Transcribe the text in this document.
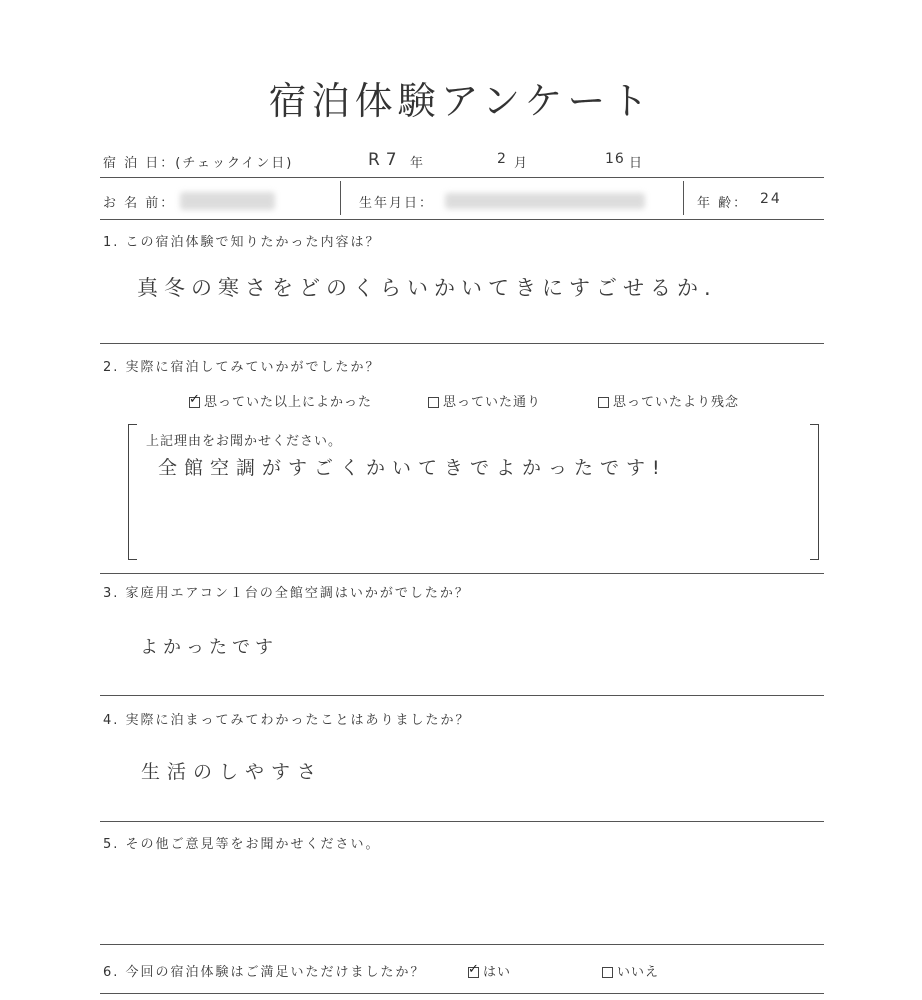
宿泊体験アンケート
宿 泊 日：(チェックイン日)	R7 年	2 月	16 日
お 名 前：	生年月日：	年 齢： 24
1. この宿泊体験で知りたかった内容は？
真冬の寒さをどのくらいかいてきにすごせるか.
2. 実際に宿泊してみていかがでしたか？
✓思っていた以上によかった	思っていた通り	思っていたより残念
上記理由をお聞かせください。
全館空調がすごくかいてきでよかったです!
3. 家庭用エアコン１台の全館空調はいかがでしたか？
よかったです
4. 実際に泊まってみてわかったことはありましたか？
生活のしやすさ
5. その他ご意見等をお聞かせください。
6. 今回の宿泊体験はご満足いただけましたか？
✓	はい	いいえ
